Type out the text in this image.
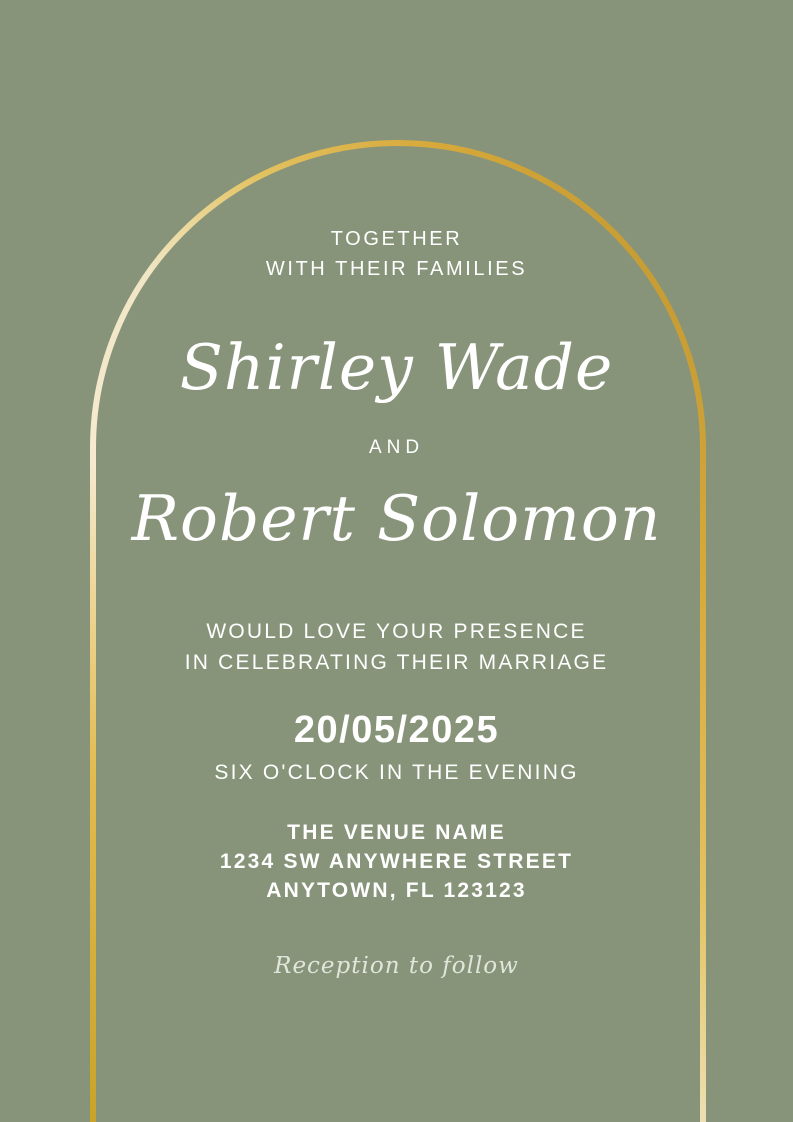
TOGETHER
WITH THEIR FAMILIES
Shirley Wade
AND
Robert Solomon
WOULD LOVE YOUR PRESENCE
IN CELEBRATING THEIR MARRIAGE
20/05/2025
SIX O'CLOCK IN THE EVENING
THE VENUE NAME
1234 SW ANYWHERE STREET
ANYTOWN, FL 123123
Reception to follow
